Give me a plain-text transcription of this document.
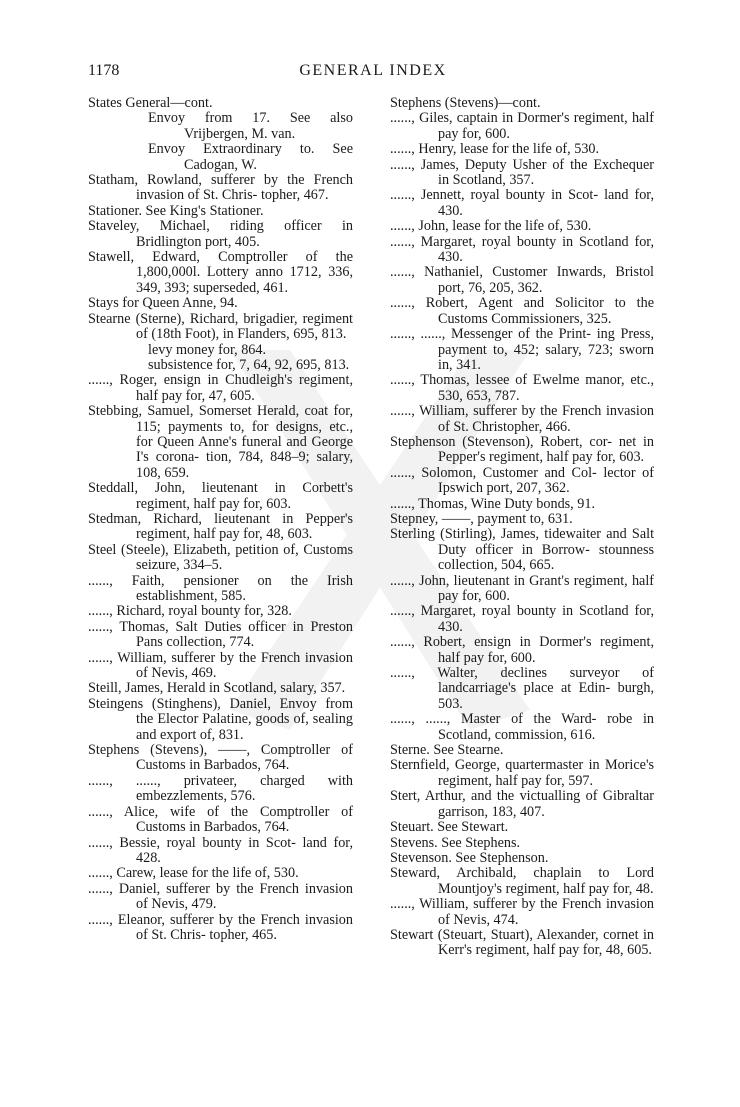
1178	GENERAL INDEX
States General—cont.
Envoy from 17. See also Vrijbergen, M. van.
Envoy Extraordinary to. See Cadogan, W.
Statham, Rowland, sufferer by the French invasion of St. Chris- topher, 467.
Stationer. See King's Stationer.
Staveley, Michael, riding officer in Bridlington port, 405.
Stawell, Edward, Comptroller of the 1,800,000l. Lottery anno 1712, 336, 349, 393; superseded, 461.
Stays for Queen Anne, 94.
Stearne (Sterne), Richard, brigadier, regiment of (18th Foot), in Flanders, 695, 813.
levy money for, 864.
subsistence for, 7, 64, 92, 695, 813.
......, Roger, ensign in Chudleigh's regiment, half pay for, 47, 605.
Stebbing, Samuel, Somerset Herald, coat for, 115; payments to, for designs, etc., for Queen Anne's funeral and George I's corona- tion, 784, 848–9; salary, 108, 659.
Steddall, John, lieutenant in Corbett's regiment, half pay for, 603.
Stedman, Richard, lieutenant in Pepper's regiment, half pay for, 48, 603.
Steel (Steele), Elizabeth, petition of, Customs seizure, 334–5.
......, Faith, pensioner on the Irish establishment, 585.
......, Richard, royal bounty for, 328.
......, Thomas, Salt Duties officer in Preston Pans collection, 774.
......, William, sufferer by the French invasion of Nevis, 469.
Steill, James, Herald in Scotland, salary, 357.
Steingens (Stinghens), Daniel, Envoy from the Elector Palatine, goods of, sealing and export of, 831.
Stephens (Stevens), ——, Comptroller of Customs in Barbados, 764.
......, ......, privateer, charged with embezzlements, 576.
......, Alice, wife of the Comptroller of Customs in Barbados, 764.
......, Bessie, royal bounty in Scot- land for, 428.
......, Carew, lease for the life of, 530.
......, Daniel, sufferer by the French invasion of Nevis, 479.
......, Eleanor, sufferer by the French invasion of St. Chris- topher, 465.
Stephens (Stevens)—cont.
......, Giles, captain in Dormer's regiment, half pay for, 600.
......, Henry, lease for the life of, 530.
......, James, Deputy Usher of the Exchequer in Scotland, 357.
......, Jennett, royal bounty in Scot- land for, 430.
......, John, lease for the life of, 530.
......, Margaret, royal bounty in Scotland for, 430.
......, Nathaniel, Customer Inwards, Bristol port, 76, 205, 362.
......, Robert, Agent and Solicitor to the Customs Commissioners, 325.
......, ......, Messenger of the Print- ing Press, payment to, 452; salary, 723; sworn in, 341.
......, Thomas, lessee of Ewelme manor, etc., 530, 653, 787.
......, William, sufferer by the French invasion of St. Christopher, 466.
Stephenson (Stevenson), Robert, cor- net in Pepper's regiment, half pay for, 603.
......, Solomon, Customer and Col- lector of Ipswich port, 207, 362.
......, Thomas, Wine Duty bonds, 91.
Stepney, ——, payment to, 631.
Sterling (Stirling), James, tidewaiter and Salt Duty officer in Borrow- stounness collection, 504, 665.
......, John, lieutenant in Grant's regiment, half pay for, 600.
......, Margaret, royal bounty in Scotland for, 430.
......, Robert, ensign in Dormer's regiment, half pay for, 600.
......, Walter, declines surveyor of landcarriage's place at Edin- burgh, 503.
......, ......, Master of the Ward- robe in Scotland, commission, 616.
Sterne. See Stearne.
Sternfield, George, quartermaster in Morice's regiment, half pay for, 597.
Stert, Arthur, and the victualling of Gibraltar garrison, 183, 407.
Steuart. See Stewart.
Stevens. See Stephens.
Stevenson. See Stephenson.
Steward, Archibald, chaplain to Lord Mountjoy's regiment, half pay for, 48.
......, William, sufferer by the French invasion of Nevis, 474.
Stewart (Steuart, Stuart), Alexander, cornet in Kerr's regiment, half pay for, 48, 605.
